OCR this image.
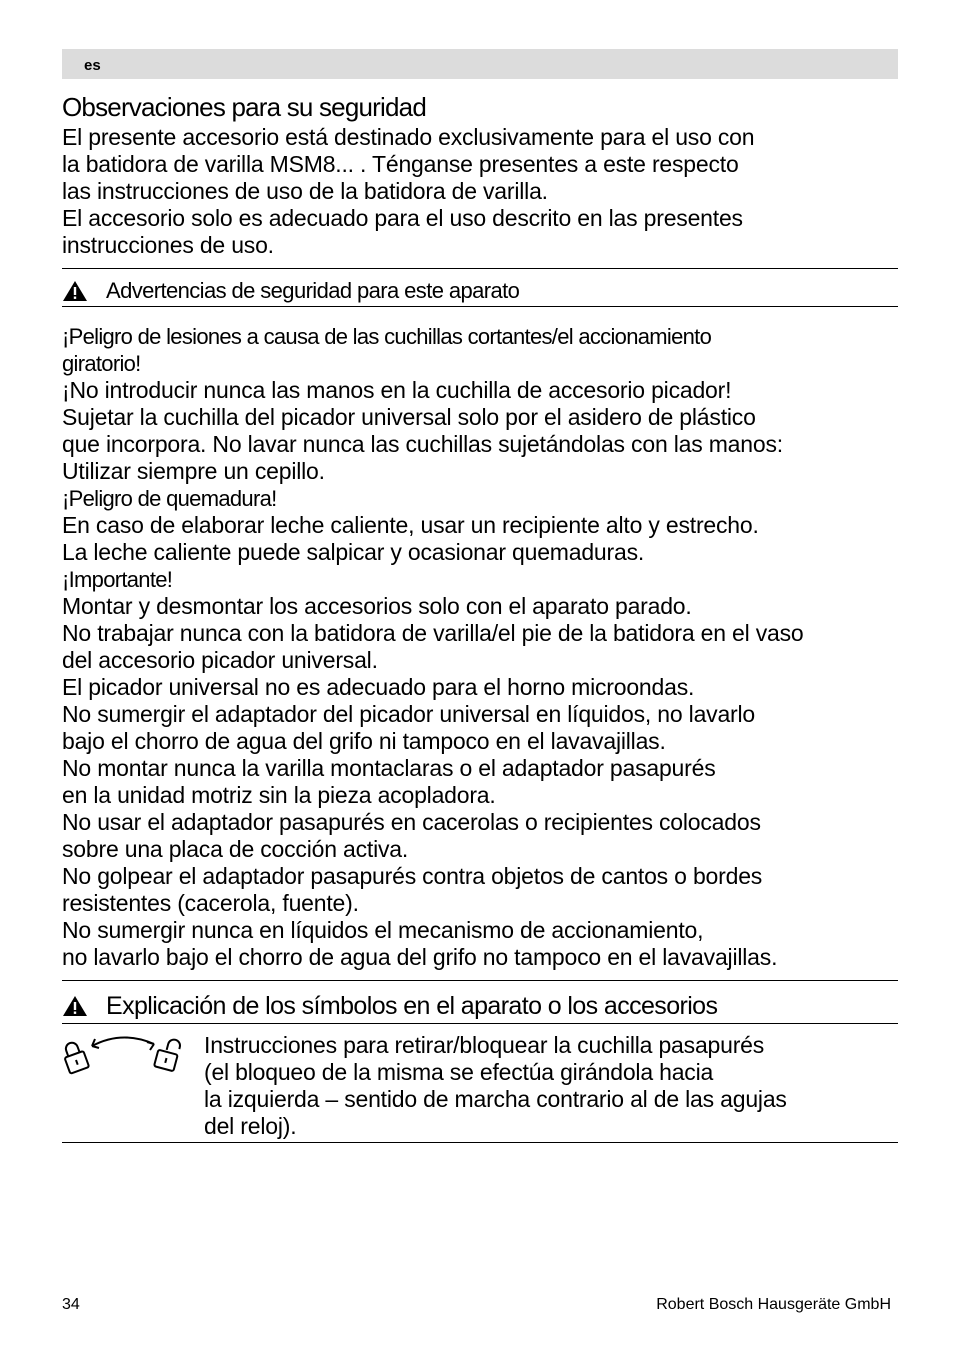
es
Observaciones para su seguridad

El presente accesorio está destinado exclusivamente para el uso con

la batidora de varilla MSM8... . Ténganse presentes a este respecto

las instrucciones de uso de la batidora de varilla.

El accesorio solo es adecuado para el uso descrito en las presentes

instrucciones de uso.

Advertencias de seguridad para este aparato

¡Peligro de lesiones a causa de las cuchillas cortantes/el accionamiento

giratorio!

¡No introducir nunca las manos en la cuchilla de accesorio picador!

Sujetar la cuchilla del picador universal solo por el asidero de plástico

que incorpora. No lavar nunca las cuchillas sujetándolas con las manos:

Utilizar siempre un cepillo.

¡Peligro de quemadura!

En caso de elaborar leche caliente, usar un recipiente alto y estrecho.

La leche caliente puede salpicar y ocasionar quemaduras.

¡Importante!

Montar y desmontar los accesorios solo con el aparato parado.

No trabajar nunca con la batidora de varilla/el pie de la batidora en el vaso

del accesorio picador universal.

El picador universal no es adecuado para el horno microondas.

No sumergir el adaptador del picador universal en líquidos, no lavarlo

bajo el chorro de agua del grifo ni tampoco en el lavavajillas.

No montar nunca la varilla montaclaras o el adaptador pasapurés

en la unidad motriz sin la pieza acopladora.

No usar el adaptador pasapurés en cacerolas o recipientes colocados

sobre una placa de cocción activa.

No golpear el adaptador pasapurés contra objetos de cantos o bordes

resistentes (cacerola, fuente).

No sumergir nunca en líquidos el mecanismo de accionamiento,

no lavarlo bajo el chorro de agua del grifo no tampoco en el lavavajillas.

Explicación de los símbolos en el aparato o los accesorios

Instrucciones para retirar/bloquear la cuchilla pasapurés

(el bloqueo de la misma se efectúa girándola hacia

la izquierda – sentido de marcha contrario al de las agujas

del reloj).

34	Robert Bosch Hausgeräte GmbH
